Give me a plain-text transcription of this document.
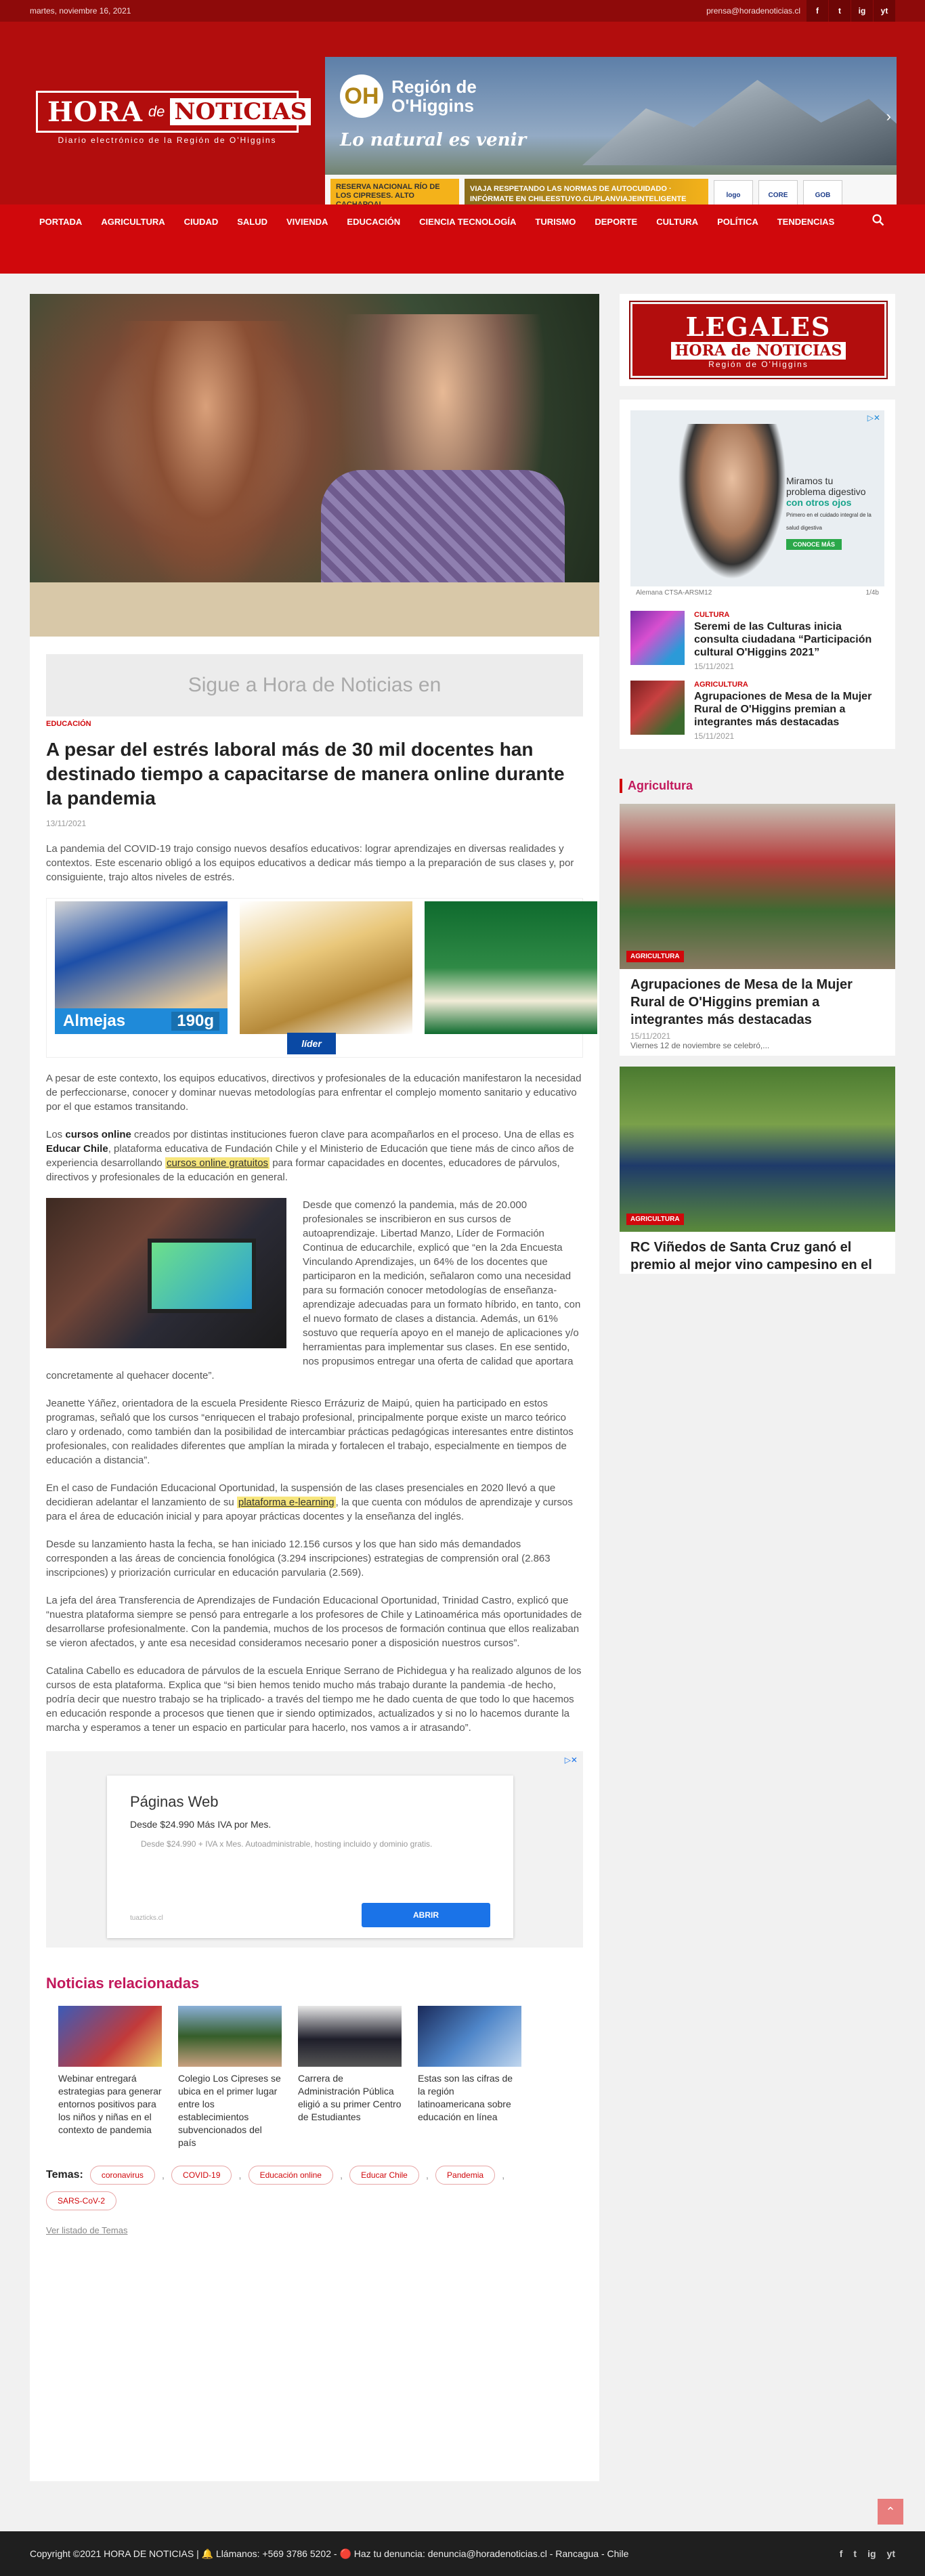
martes, noviembre 16, 2021	prensa@horadenoticias.cl	f	t	ig	yt
HORA de NOTICIAS
Diario electrónico de la Región de O'Higgins
OH Región de
O'Higgins
Lo natural es venir
›
RESERVA NACIONAL RÍO DE LOS CIPRESES. ALTO
VIAJA RESPETANDO LAS NORMAS DE AUTOCUIDADO · INFÓRMATE EN CHILEESTUYO.CL/PLANVIAJEINTELIGENTE	logo	CORE	GOB
PORTADA	AGRICULTURA	CIUDAD	SALUD	VIVIENDA	EDUCACIÓN	CIENCIA TECNOLOGÍA	TURISMO	DEPORTE	CULTURA	POLÍTICA	TENDENCIAS
Sigue a Hora de Noticias en
EDUCACIÓN
A pesar del estrés laboral más de 30 mil docentes han destinado tiempo a capacitarse de manera online durante la pandemia
13/11/2021

La pandemia del COVID-19 trajo consigo nuevos desafíos educativos: lograr aprendizajes en diversas realidades y contextos. Este escenario obligó a los equipos educativos a dedicar más tiempo a la preparación de sus clases y, por consiguiente, trajo altos niveles de estrés.

Almejas	190g
líder

A pesar de este contexto, los equipos educativos, directivos y profesionales de la educación manifestaron la necesidad de perfeccionarse, conocer y dominar nuevas metodologías para enfrentar el complejo momento sanitario y educativo por el que estamos transitando.

Los cursos online creados por distintas instituciones fueron clave para acompañarlos en el proceso. Una de ellas es Educar Chile, plataforma educativa de Fundación Chile y el Ministerio de Educación que tiene más de cinco años de experiencia desarrollando cursos online gratuitos para formar capacidades en docentes, educadores de párvulos, directivos y profesionales de la educación en general.

Desde que comenzó la pandemia, más de 20.000 profesionales se inscribieron en sus cursos de autoaprendizaje. Libertad Manzo, Líder de Formación Continua de educarchile, explicó que “en la 2da Encuesta Vinculando Aprendizajes, un 64% de los docentes que participaron en la medición, señalaron como una necesidad para su formación conocer metodologías de enseñanza-aprendizaje adecuadas para un formato híbrido, en tanto, con el nuevo formato de clases a distancia. Además, un 61% sostuvo que requería apoyo en el manejo de aplicaciones y/o herramientas para implementar sus clases. En ese sentido, nos propusimos entregar una oferta de calidad que aportara concretamente al quehacer docente”.

Jeanette Yáñez, orientadora de la escuela Presidente Riesco Errázuriz de Maipú, quien ha participado en estos programas, señaló que los cursos “enriquecen el trabajo profesional, principalmente porque existe un marco teórico claro y ordenado, como también dan la posibilidad de intercambiar prácticas pedagógicas interesantes entre distintos profesionales, con realidades diferentes que amplían la mirada y fortalecen el trabajo, especialmente en tiempos de educación a distancia”.

En el caso de Fundación Educacional Oportunidad, la suspensión de las clases presenciales en 2020 llevó a que decidieran adelantar el lanzamiento de su plataforma e-learning , la que cuenta con módulos de aprendizaje y cursos para el área de educación inicial y para apoyar prácticas docentes y la enseñanza del inglés.

Desde su lanzamiento hasta la fecha, se han iniciado 12.156 cursos y los que han sido más demandados corresponden a las áreas de conciencia fonológica (3.294 inscripciones) estrategias de comprensión oral (2.863 inscripciones) y priorización curricular en educación parvularia (2.569).

La jefa del área Transferencia de Aprendizajes de Fundación Educacional Oportunidad, Trinidad Castro, explicó que “nuestra plataforma siempre se pensó para entregarle a los profesores de Chile y Latinoamérica más oportunidades de desarrollarse profesionalmente. Con la pandemia, muchos de los procesos de formación continua que ellos realizaban se vieron afectados, y ante esa necesidad consideramos necesario poner a disposición nuestros cursos”.

Catalina Cabello es educadora de párvulos de la escuela Enrique Serrano de Pichidegua y ha realizado algunos de los cursos de esta plataforma. Explica que “si bien hemos tenido mucho más trabajo durante la pandemia -de hecho, podría decir que nuestro trabajo se ha triplicado- a través del tiempo me he dado cuenta de que todo lo que hacemos en educación responde a procesos que tienen que ir siendo optimizados, actualizados y si no lo hacemos durante la marcha y esperamos a tener un espacio en particular para hacerlo, nos vamos a ir atrasando”.

▷✕
Páginas Web
Desde $24.990 Más IVA por Mes.
Desde $24.990 + IVA x Mes. Autoadministrable, hosting incluido y dominio gratis.
tuazticks.cl	ABRIR
Noticias relacionadas
Webinar entregará estrategias para generar entornos positivos para los niños y niñas en el contexto de pandemia
Colegio Los Cipreses se ubica en el primer lugar entre los establecimientos subvencionados del país
Carrera de Administración Pública eligió a su primer Centro de Estudiantes
Estas son las cifras de la región latinoamericana sobre educación en línea
Temas:	coronavirus	,	COVID-19	,	Educación online	,	Educar Chile	,	Pandemia	,
SARS-CoV-2
Ver listado de Temas
LEGALES
HORA de NOTICIAS
Región de O'Higgins
▷✕
Miramos tu
problema digestivo
con otros ojos
Primero en el cuidado integral de la salud digestiva
CONOCE MÁS
Alemana CTSA-ARSM12	1/4b
CULTURA
Seremi de las Culturas inicia consulta ciudadana “Participación cultural O'Higgins 2021”
15/11/2021
AGRICULTURA
Agrupaciones de Mesa de la Mujer Rural de O'Higgins premian a integrantes más destacadas
15/11/2021
Agricultura
AGRICULTURA
Agrupaciones de Mesa de la Mujer Rural de O'Higgins premian a integrantes más destacadas
15/11/2021
Viernes 12 de noviembre se celebró,...
AGRICULTURA
RC Viñedos de Santa Cruz ganó el premio al mejor vino campesino en el
⌃
Copyright ©2021 HORA DE NOTICIAS | 🔔 Llámanos: +569 3786 5202 - 🔴 Haz tu denuncia: denuncia@horadenoticias.cl - Rancagua - Chile	f t ig yt
